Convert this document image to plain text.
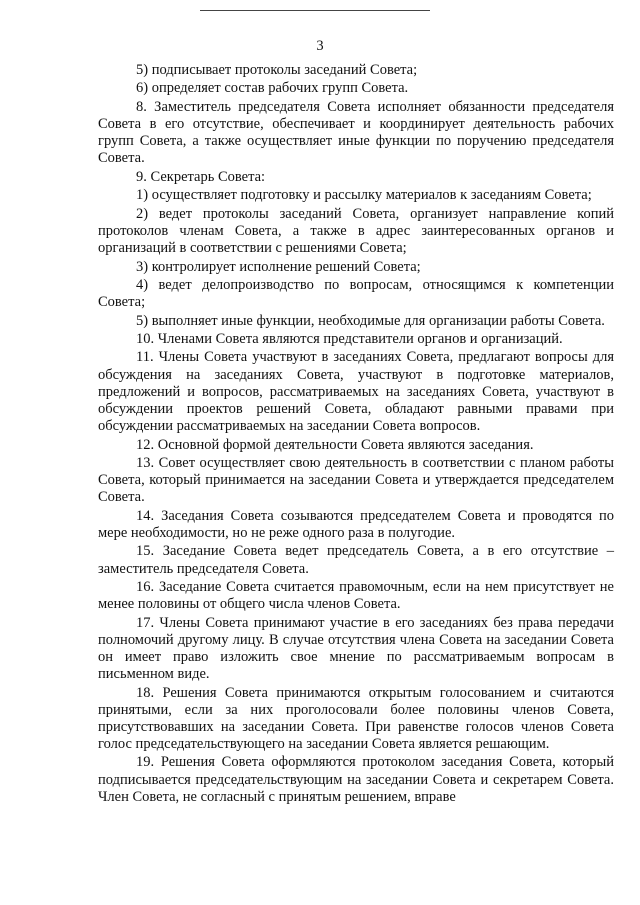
3

5) подписывает протоколы заседаний Совета;

6) определяет состав рабочих групп Совета.

8. Заместитель председателя Совета исполняет обязанности председателя Совета в его отсутствие, обеспечивает и координирует деятельность рабочих групп Совета, а также осуществляет иные функции по поручению председателя Совета.

9. Секретарь Совета:

1) осуществляет подготовку и рассылку материалов к заседаниям Совета;

2) ведет протоколы заседаний Совета, организует направление копий протоколов членам Совета, а также в адрес заинтересованных органов и организаций в соответствии с решениями Совета;

3) контролирует исполнение решений Совета;

4) ведет делопроизводство по вопросам, относящимся к компетенции Совета;

5) выполняет иные функции, необходимые для организации работы Совета.

10. Членами Совета являются представители органов и организаций.

11. Члены Совета участвуют в заседаниях Совета, предлагают вопросы для обсуждения на заседаниях Совета, участвуют в подготовке материалов, предложений и вопросов, рассматриваемых на заседаниях Совета, участвуют в обсуждении проектов решений Совета, обладают равными правами при обсуждении рассматриваемых на заседании Совета вопросов.

12. Основной формой деятельности Совета являются заседания.

13. Совет осуществляет свою деятельность в соответствии с планом работы Совета, который принимается на заседании Совета и утверждается председателем Совета.

14. Заседания Совета созываются председателем Совета и проводятся по мере необходимости, но не реже одного раза в полугодие.

15. Заседание Совета ведет председатель Совета, а в его отсутствие – заместитель председателя Совета.

16. Заседание Совета считается правомочным, если на нем присутствует не менее половины от общего числа членов Совета.

17. Члены Совета принимают участие в его заседаниях без права передачи полномочий другому лицу. В случае отсутствия члена Совета на заседании Совета он имеет право изложить свое мнение по рассматриваемым вопросам в письменном виде.

18. Решения Совета принимаются открытым голосованием и считаются принятыми, если за них проголосовали более половины членов Совета, присутствовавших на заседании Совета. При равенстве голосов членов Совета голос председательствующего на заседании Совета является решающим.

19. Решения Совета оформляются протоколом заседания Совета, который подписывается председательствующим на заседании Совета и секретарем Совета. Член Совета, не согласный с принятым решением, вправе
